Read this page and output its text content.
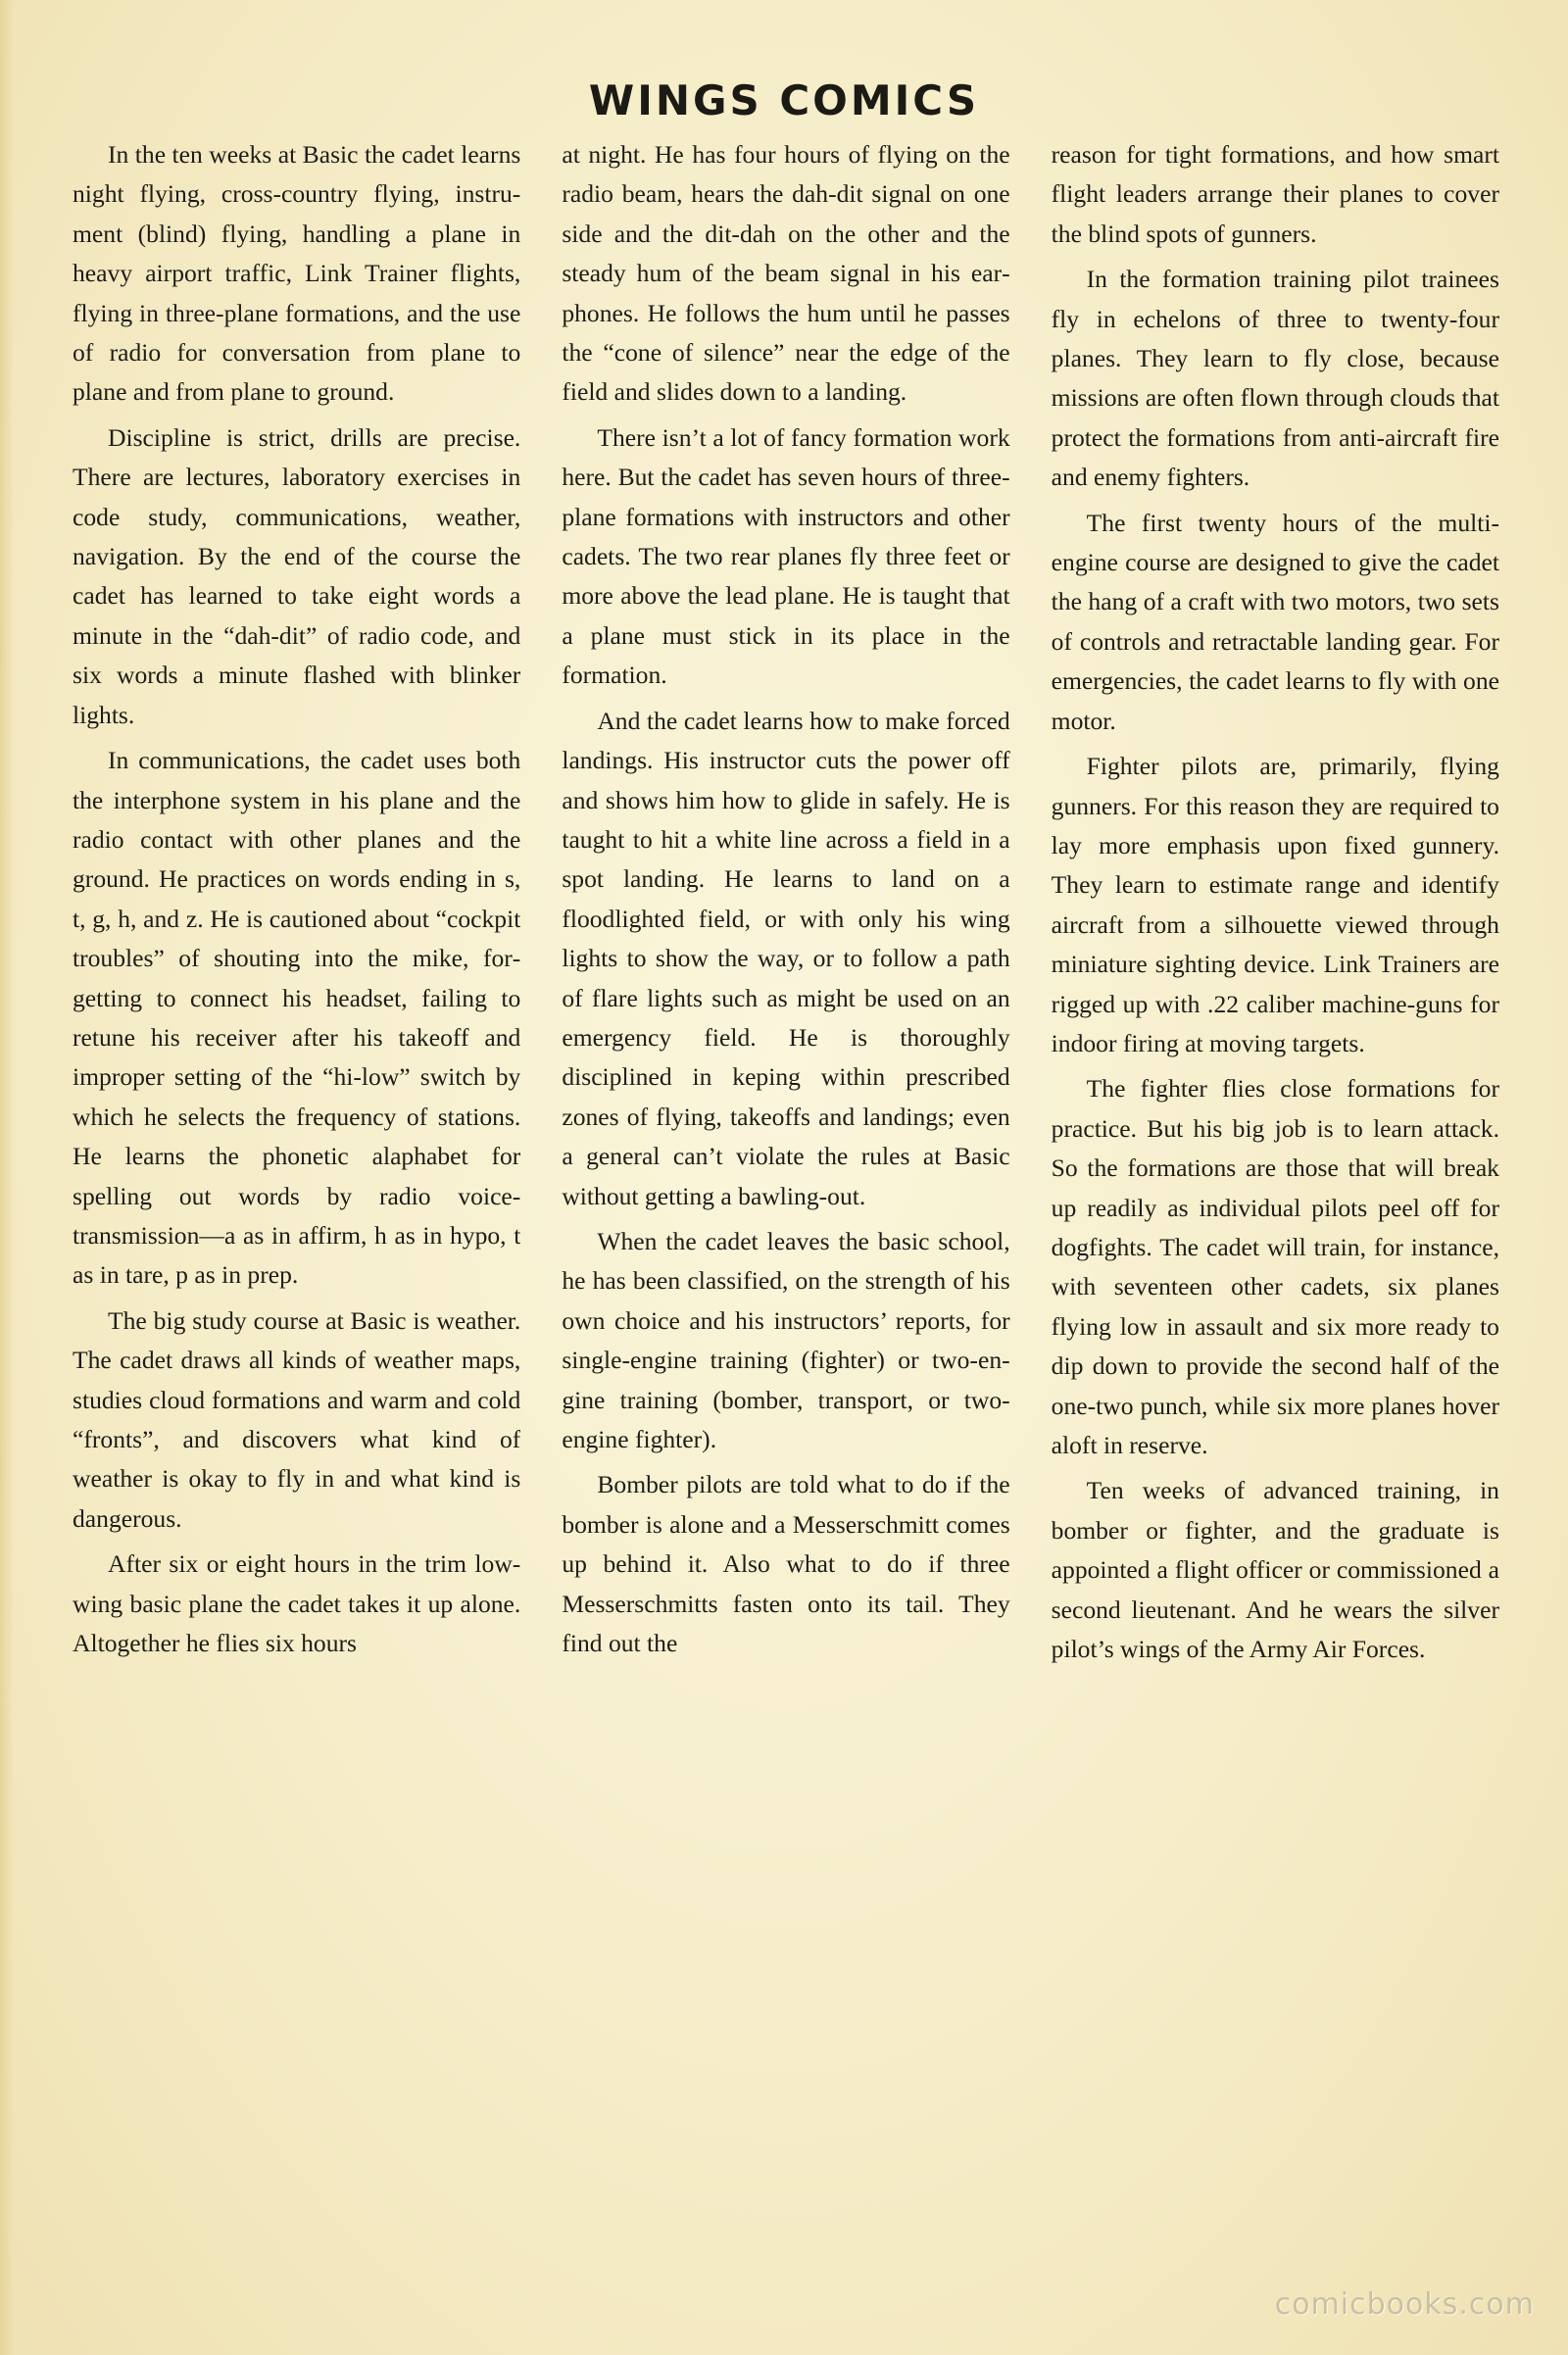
WINGS COMICS

In the ten weeks at Basic the cadet learns night flying, cross-country flying, instrument (blind) flying, handling a plane in heavy airport traffic, Link Trainer flights, flying in three-plane formations, and the use of radio for conversation from plane to plane and from plane to ground.

Discipline is strict, drills are precise. There are lectures, laboratory exercises in code study, communications, weather, navigation. By the end of the course the cadet has learned to take eight words a minute in the “dah-dit” of radio code, and six words a minute flashed with blinker lights.

In communications, the cadet uses both the interphone system in his plane and the radio contact with other planes and the ground. He practices on words ending in s, t, g, h, and z. He is cautioned about “cockpit troubles” of shouting into the mike, forgetting to connect his headset, failing to retune his receiver after his takeoff and improper setting of the “hi-low” switch by which he selects the frequency of stations. He learns the phonetic alaphabet for spelling out words by radio voice-transmission—a as in affirm, h as in hypo, t as in tare, p as in prep.

The big study course at Basic is weather. The cadet draws all kinds of weather maps, studies cloud formations and warm and cold “fronts”, and discovers what kind of weather is okay to fly in and what kind is dangerous.

After six or eight hours in the trim low-wing basic plane the cadet takes it up alone. Altogether he flies six hours

at night. He has four hours of flying on the radio beam, hears the dah-dit signal on one side and the dit-dah on the other and the steady hum of the beam signal in his earphones. He follows the hum until he passes the “cone of silence” near the edge of the field and slides down to a landing.

There isn’t a lot of fancy formation work here. But the cadet has seven hours of three-plane formations with instructors and other cadets. The two rear planes fly three feet or more above the lead plane. He is taught that a plane must stick in its place in the formation.

And the cadet learns how to make forced landings. His instructor cuts the power off and shows him how to glide in safely. He is taught to hit a white line across a field in a spot landing. He learns to land on a floodlighted field, or with only his wing lights to show the way, or to follow a path of flare lights such as might be used on an emergency field. He is thoroughly disciplined in keping within prescribed zones of flying, takeoffs and landings; even a general can’t violate the rules at Basic without getting a bawling-out.

When the cadet leaves the basic school, he has been classified, on the strength of his own choice and his instructors’ reports, for single-engine training (fighter) or two-engine training (bomber, transport, or two-engine fighter).

Bomber pilots are told what to do if the bomber is alone and a Messerschmitt comes up behind it. Also what to do if three Messerschmitts fasten onto its tail. They find out the

reason for tight formations, and how smart flight leaders arrange their planes to cover the blind spots of gunners.

In the formation training pilot trainees fly in echelons of three to twenty-four planes. They learn to fly close, because missions are often flown through clouds that protect the formations from anti-aircraft fire and enemy fighters.

The first twenty hours of the multi-engine course are designed to give the cadet the hang of a craft with two motors, two sets of controls and retractable landing gear. For emergencies, the cadet learns to fly with one motor.

Fighter pilots are, primarily, flying gunners. For this reason they are required to lay more emphasis upon fixed gunnery. They learn to estimate range and identify aircraft from a silhouette viewed through miniature sighting device. Link Trainers are rigged up with .22 caliber machine-guns for indoor firing at moving targets.

The fighter flies close formations for practice. But his big job is to learn attack. So the formations are those that will break up readily as individual pilots peel off for dogfights. The cadet will train, for instance, with seventeen other cadets, six planes flying low in assault and six more ready to dip down to provide the second half of the one-two punch, while six more planes hover aloft in reserve.

Ten weeks of advanced training, in bomber or fighter, and the graduate is appointed a flight officer or commissioned a second lieutenant. And he wears the silver pilot’s wings of the Army Air Forces.

comicbooks.com
